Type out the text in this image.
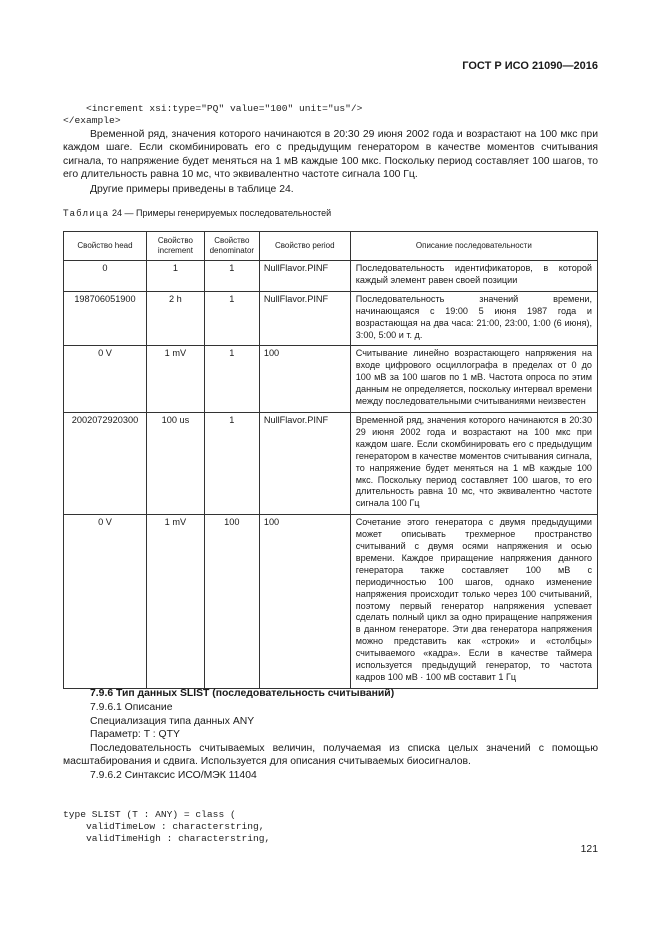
ГОСТ Р ИСО 21090—2016

<increment xsi:type="PQ" value="100" unit="us"/>
</example>
Временной ряд, значения которого начинаются в 20:30 29 июня 2002 года и возрастают на 100 мкс при каждом шаге. Если скомбинировать его с предыдущим генератором в качестве моментов считывания сигнала, то напряжение будет меняться на 1 мВ каждые 100 мкс. Поскольку период составляет 100 шагов, то его длительность равна 10 мс, что эквивалентно частоте сигнала 100 Гц.
Другие примеры приведены в таблице 24.
Таблица 24 — Примеры генерируемых последовательностей
Свойство head	Свойство increment	Свойство denominator	Свойство period	Описание последовательности
0	1	1	NullFlavor.PINF	Последовательность идентификаторов, в которой каждый элемент равен своей позиции
198706051900	2 h	1	NullFlavor.PINF	Последовательность значений времени, начинающаяся с 19:00 5 июня 1987 года и возрастающая на два часа: 21:00, 23:00, 1:00 (6 июня), 3:00, 5:00 и т. д.
0 V	1 mV	1	100	Считывание линейно возрастающего напряжения на входе цифрового осциллографа в пределах от 0 до 100 мВ за 100 шагов по 1 мВ. Частота опроса по этим данным не определяется, поскольку интервал времени между последовательными считываниями неизвестен
2002072920300	100 us	1	NullFlavor.PINF	Временной ряд, значения которого начинаются в 20:30 29 июня 2002 года и возрастают на 100 мкс при каждом шаге. Если скомбинировать его с предыдущим генератором в качестве моментов считывания сигнала, то напряжение будет меняться на 1 мВ каждые 100 мкс. Поскольку период составляет 100 шагов, то его длительность равна 10 мс, что эквивалентно частоте сигнала 100 Гц
0 V	1 mV	100	100	Сочетание этого генератора с двумя предыдущими может описывать трехмерное пространство считываний с двумя осями напряжения и осью времени. Каждое приращение напряжения данного генератора также составляет 100 мВ с периодичностью 100 шагов, однако изменение напряжения происходит только через 100 считываний, поэтому первый генератор напряжения успевает сделать полный цикл за одно приращение напряжения в данном генераторе. Эти два генератора напряжения можно представить как «строки» и «столбцы» считываемого «кадра». Если в качестве таймера используется предыдущий генератор, то частота кадров 100 мВ · 100 мВ составит 1 Гц
7.9.6 Тип данных SLIST (последовательность считываний)
7.9.6.1 Описание
Специализация типа данных ANY
Параметр: T : QTY
Последовательность считываемых величин, получаемая из списка целых значений с помощью масштабирования и сдвига. Используется для описания считываемых биосигналов.
7.9.6.2 Синтаксис ИСО/МЭК 11404

type SLIST (T : ANY) = class (
validTimeLow : characterstring,
validTimeHigh : characterstring,
121
